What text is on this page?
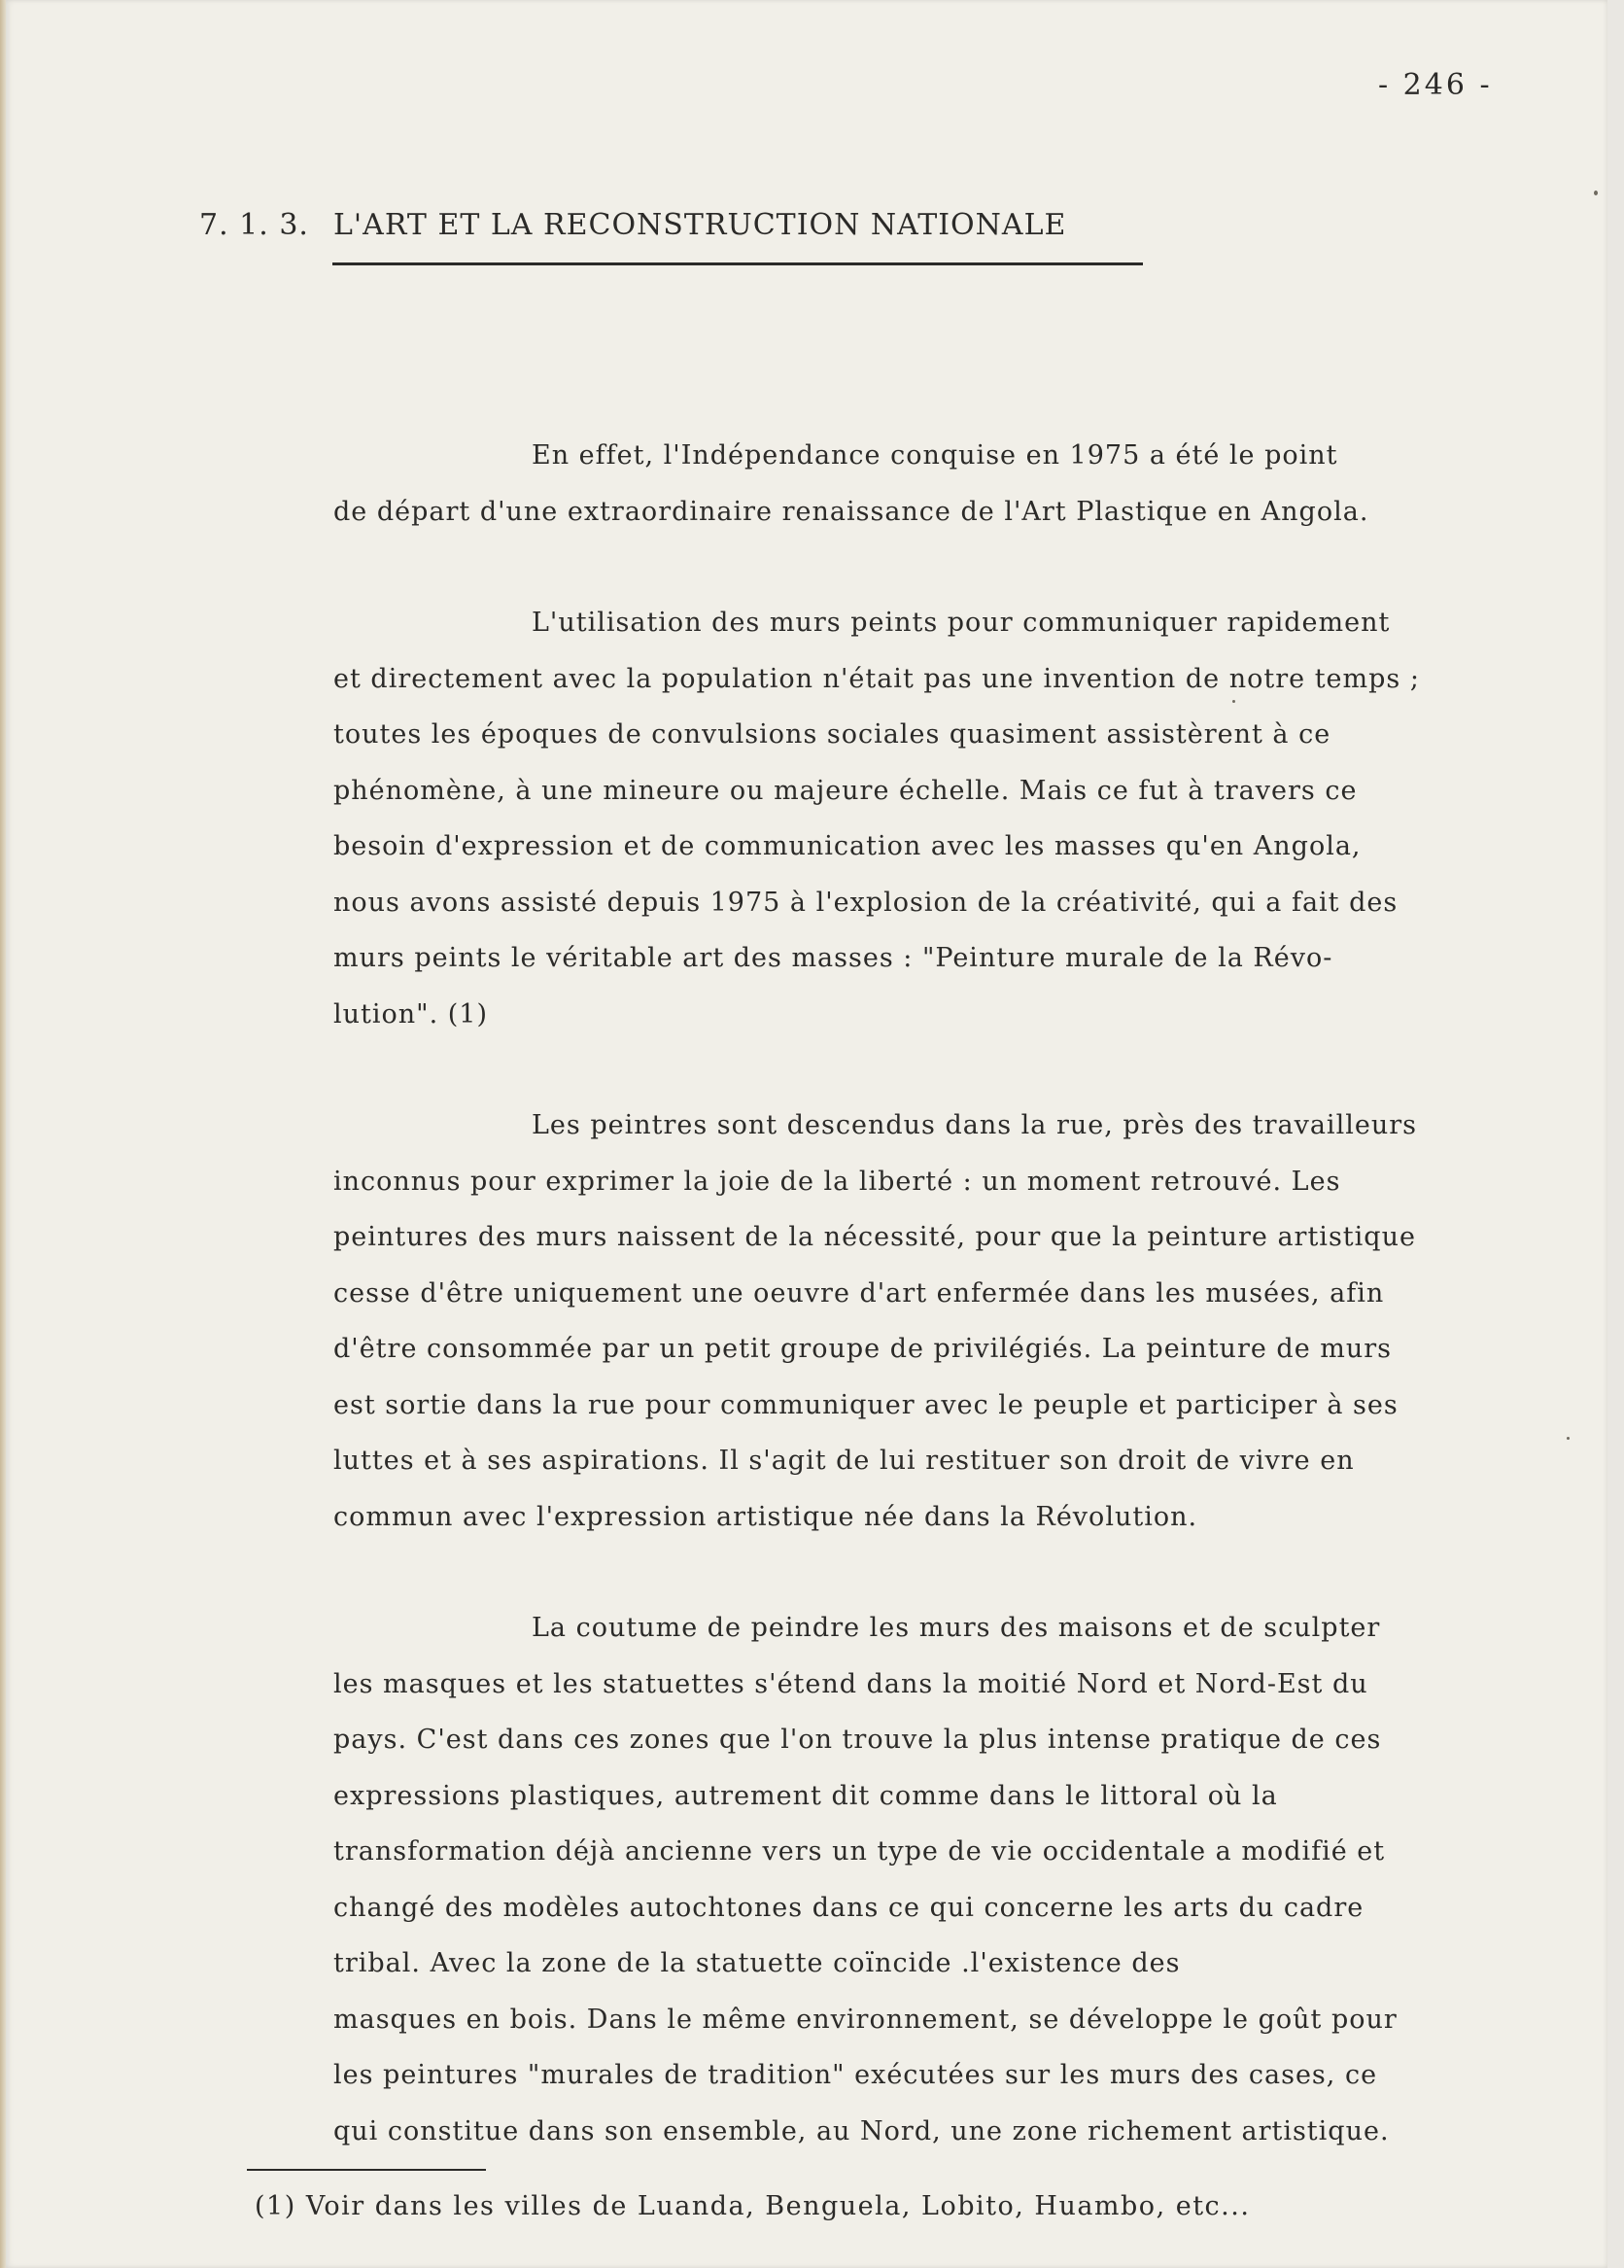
- 246 -
7. 1. 3. L'ART ET LA RECONSTRUCTION NATIONALE
En effet, l'Indépendance conquise en 1975 a été le point
de départ d'une extraordinaire renaissance de l'Art Plastique en Angola.
L'utilisation des murs peints pour communiquer rapidement
et directement avec la population n'était pas une invention de notre temps ;
toutes les époques de convulsions sociales quasiment assistèrent à ce
phénomène, à une mineure ou majeure échelle. Mais ce fut à travers ce
besoin d'expression et de communication avec les masses qu'en Angola,
nous avons assisté depuis 1975 à l'explosion de la créativité, qui a fait des
murs peints le véritable art des masses : "Peinture murale de la Révo-
lution". (1)
Les peintres sont descendus dans la rue, près des travailleurs
inconnus pour exprimer la joie de la liberté : un moment retrouvé. Les
peintures des murs naissent de la nécessité, pour que la peinture artistique
cesse d'être uniquement une oeuvre d'art enfermée dans les musées, afin
d'être consommée par un petit groupe de privilégiés. La peinture de murs
est sortie dans la rue pour communiquer avec le peuple et participer à ses
luttes et à ses aspirations. Il s'agit de lui restituer son droit de vivre en
commun avec l'expression artistique née dans la Révolution.
La coutume de peindre les murs des maisons et de sculpter
les masques et les statuettes s'étend dans la moitié Nord et Nord-Est du
pays. C'est dans ces zones que l'on trouve la plus intense pratique de ces
expressions plastiques, autrement dit comme dans le littoral où la
transformation déjà ancienne vers un type de vie occidentale a modifié et
changé des modèles autochtones dans ce qui concerne les arts du cadre
tribal. Avec la zone de la statuette coïncide .l'existence des
masques en bois. Dans le même environnement, se développe le goût pour
les peintures "murales de tradition" exécutées sur les murs des cases, ce
qui constitue dans son ensemble, au Nord, une zone richement artistique.
(1) Voir dans les villes de Luanda, Benguela, Lobito, Huambo, etc...
